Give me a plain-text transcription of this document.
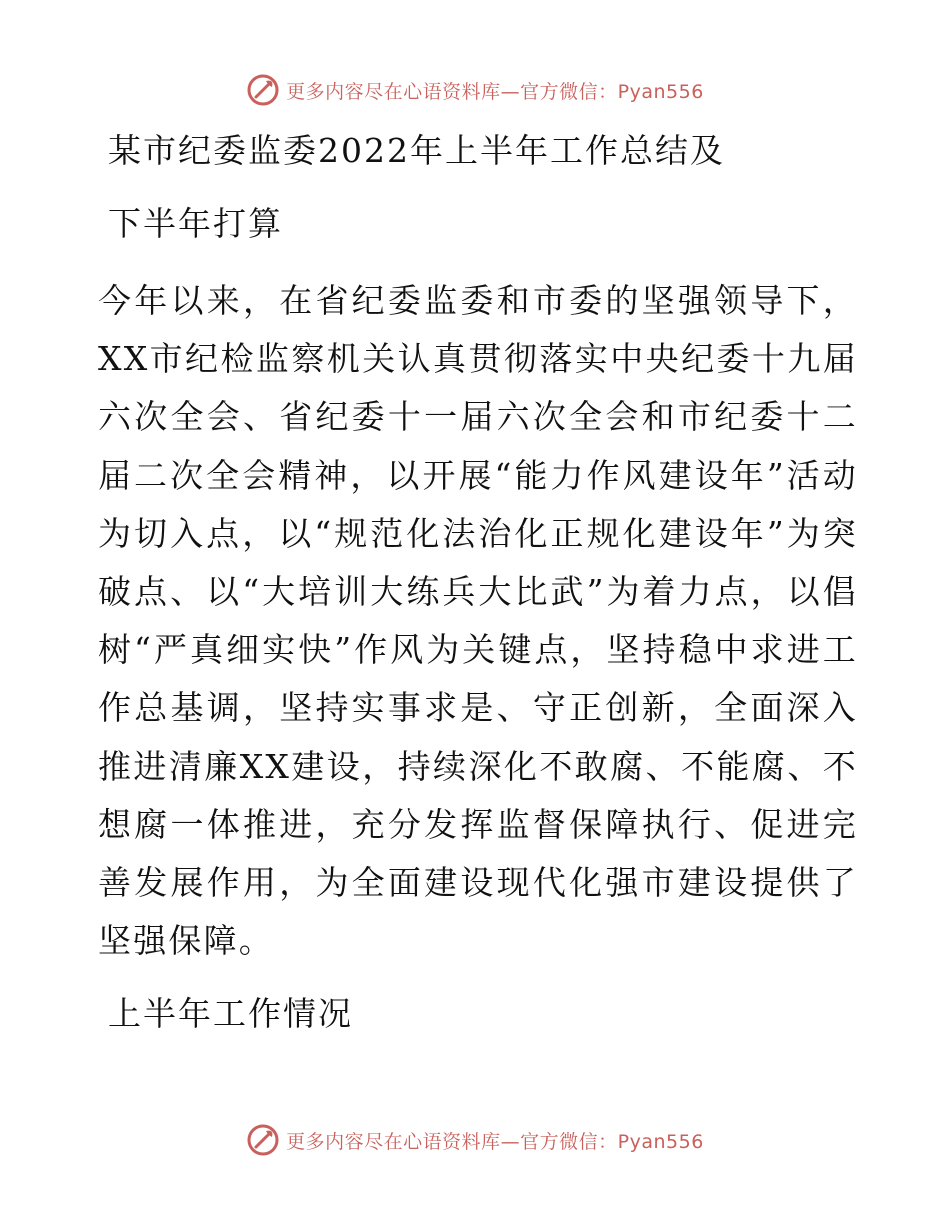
更多内容尽在心语资料库—官方微信：Pyan556
某市纪委监委2022年上半年工作总结及
下半年打算

今年以来，在省纪委监委和市委的坚强领导下，XX市纪检监察机关认真贯彻落实中央纪委十九届六次全会、省纪委十一届六次全会和市纪委十二届二次全会精神，以开展“能力作风建设年”活动为切入点，以“规范化法治化正规化建设年”为突破点、以“大培训大练兵大比武”为着力点，以倡树“严真细实快”作风为关键点，坚持稳中求进工作总基调，坚持实事求是、守正创新，全面深入推进清廉XX建设，持续深化不敢腐、不能腐、不想腐一体推进，充分发挥监督保障执行、促进完善发展作用，为全面建设现代化强市建设提供了坚强保障。

上半年工作情况
更多内容尽在心语资料库—官方微信：Pyan556
